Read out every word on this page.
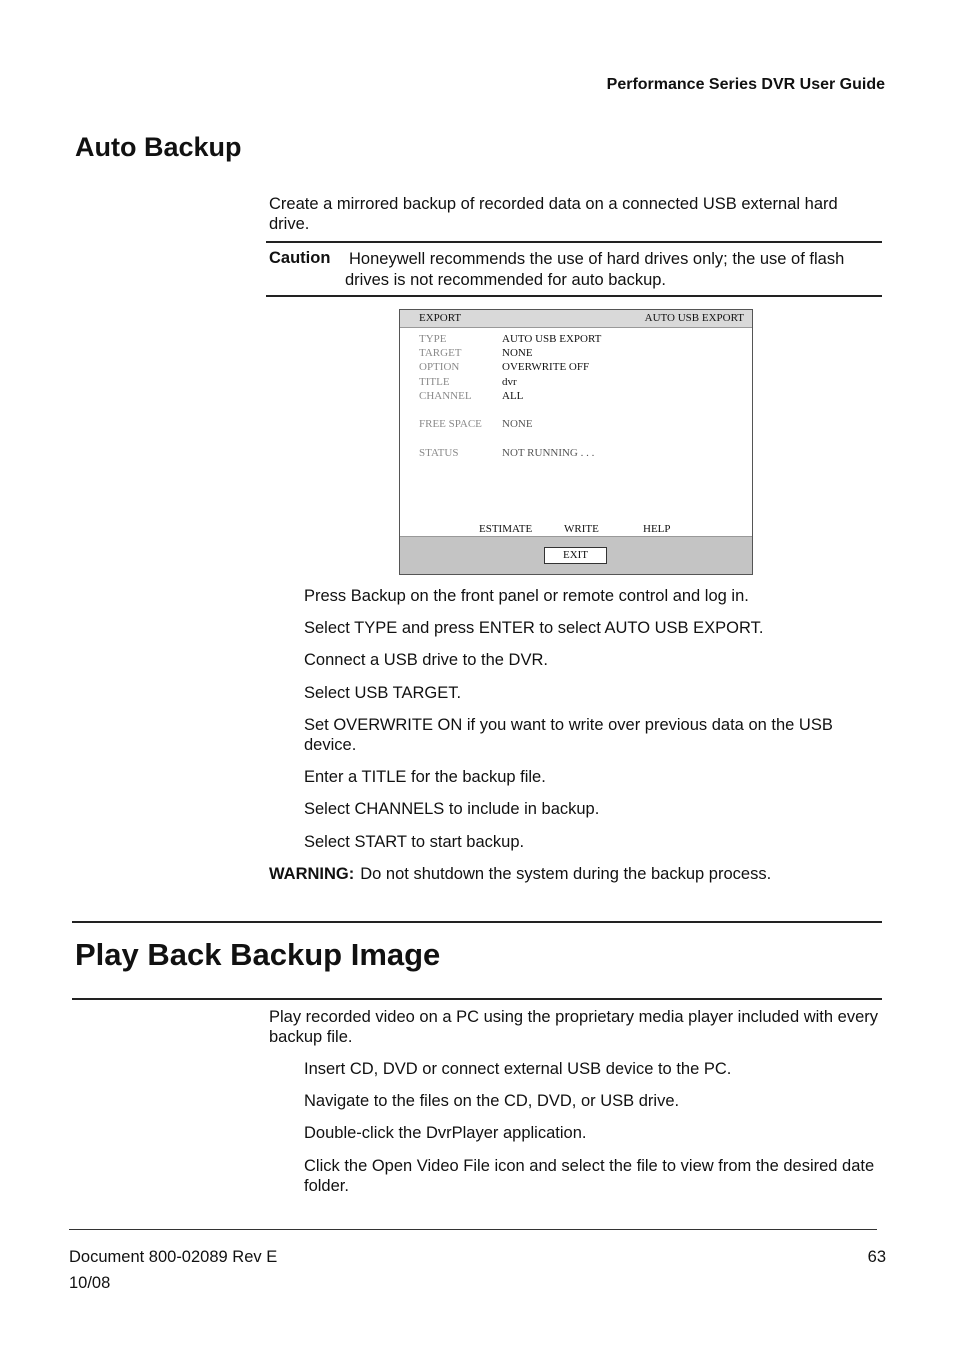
Performance Series DVR User Guide
Auto Backup

Create a mirrored backup of recorded data on a connected USB external hard drive.

Caution Honeywell recommends the use of hard drives only; the use of flash
drives is not recommended for auto backup.
EXPORT	AUTO USB EXPORT
TYPE	AUTO USB EXPORT
TARGET	NONE
OPTION	OVERWRITE OFF
TITLE	dvr
CHANNEL	ALL
FREE SPACE	NONE
STATUS	NOT RUNNING . . .
ESTIMATE	WRITE	HELP
EXIT

Press Backup on the front panel or remote control and log in.

Select TYPE and press ENTER to select AUTO USB EXPORT.

Connect a USB drive to the DVR.

Select USB TARGET.

Set OVERWRITE ON if you want to write over previous data on the USB device.

Enter a TITLE for the backup file.

Select CHANNELS to include in backup.

Select START to start backup.

WARNING: Do not shutdown the system during the backup process.

Play Back Backup Image

Play recorded video on a PC using the proprietary media player included with every backup file.

Insert CD, DVD or connect external USB device to the PC.

Navigate to the files on the CD, DVD, or USB drive.

Double-click the DvrPlayer application.

Click the Open Video File icon and select the file to view from the desired date folder.

Document 800-02089 Rev E
10/08
63
